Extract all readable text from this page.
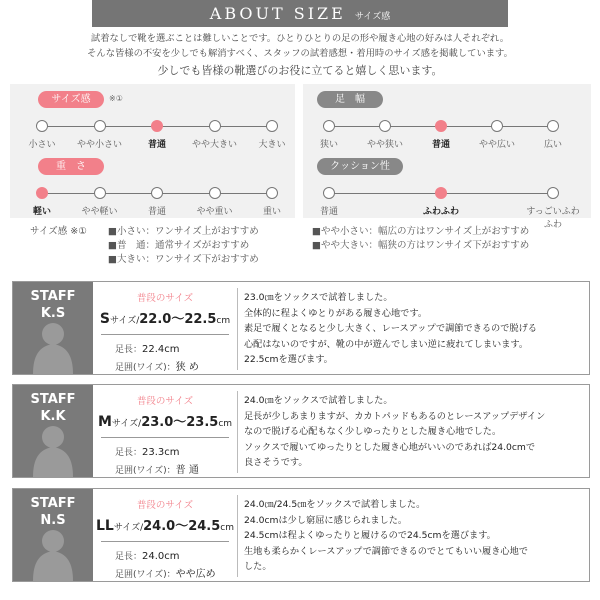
ABOUT SIZE サイズ感
試着なしで靴を選ぶことは難しいことです。ひとりひとりの足の形や履き心地の好みは人それぞれ。
そんな皆様の不安を少しでも解消すべく、スタッフの試着感想・着用時のサイズ感を掲載しています。
少しでも皆様の靴選びのお役に立てると嬉しく思います。
サイズ感	※①
重　さ
小さい	やや小さい	普通	やや大きい	大きい
軽い	やや軽い	普通	やや重い	重い
足　幅
クッション性
狭い	やや狭い	普通	やや広い	広い
普通	ふわふわ	すっごいふわふわ
サイズ感 ※① ■小さい：ワンサイズ上がおすすめ
■普　通：通常サイズがおすすめ
■大きい：ワンサイズ下がおすすめ
■やや小さい：幅広の方はワンサイズ上がおすすめ
■やや大きい：幅狭の方はワンサイズ下がおすすめ
STAFF
K.S
普段のサイズ
Sサイズ/22.0〜22.5cm
足長：22.4cm
足囲(ワイズ)：狭 め
23.0㎝をソックスで試着しました。
全体的に程よくゆとりがある履き心地です。
素足で履くとなると少し大きく、レースアップで調節できるので脱げる
心配はないのですが、靴の中が遊んでしまい逆に疲れてしまいます。
22.5cmを選びます。
STAFF
K.K
普段のサイズ
Mサイズ/23.0〜23.5cm
足長：23.3cm
足囲(ワイズ)：普 通
24.0㎝をソックスで試着しました。
足長が少しあまりますが、カカトパッドもあるのとレースアップデザイン
なので脱げる心配もなく少しゆったりとした履き心地でした。
ソックスで履いてゆったりとした履き心地がいいのであれば24.0cmで
良さそうです。
STAFF
N.S
普段のサイズ
LLサイズ/24.0〜24.5cm
足長：24.0cm
足囲(ワイズ)：やや広め
24.0㎝/24.5㎝をソックスで試着しました。
24.0cmは少し窮屈に感じられました。
24.5cmは程よくゆったりと履けるので24.5cmを選びます。
生地も柔らかくレースアップで調節できるのでとてもいい履き心地で
した。
